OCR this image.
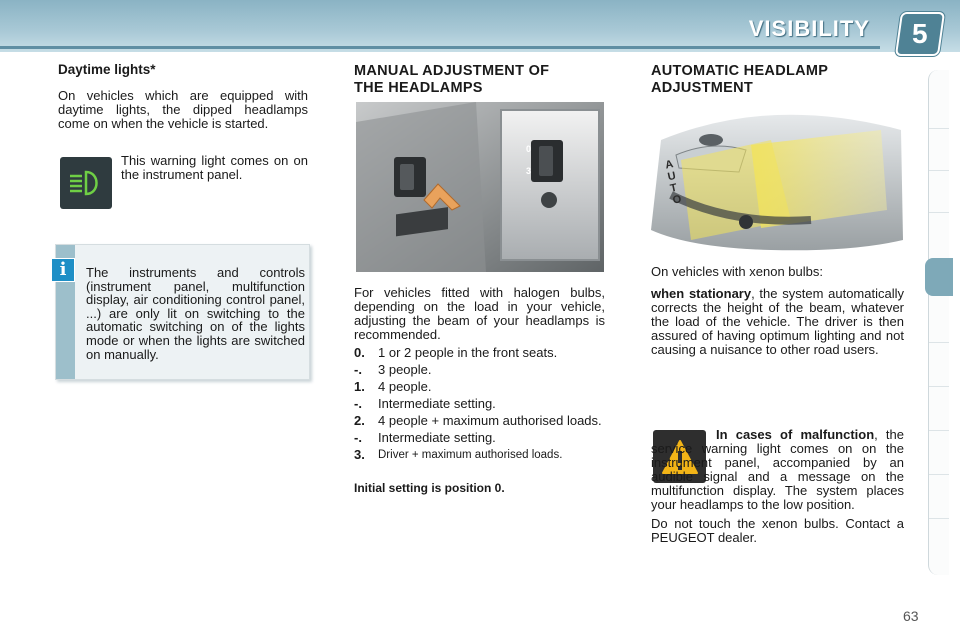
VISIBILITY 5
Daytime lights*

On vehicles which are equipped with daytime lights, the dipped headlamps come on when the vehicle is started.

This warning light comes on on the instrument panel.
The instruments and controls (instrument panel, multifunction display, air conditioning control panel, ...) are only lit on switching to the automatic switching on of the lights mode or when the lights are switched on manually.
i
MANUAL ADJUSTMENT OF
THE HEADLAMPS
0
3

For vehicles fitted with halogen bulbs, depending on the load in your vehicle, adjusting the beam of your headlamps is recommended.

0.	1 or 2 people in the front seats.
-.	3 people.
1.	4 people.
-.	Intermediate setting.
2.	4 people + maximum authorised loads.
-.	Intermediate setting.
3.	Driver + maximum authorised loads.

Initial setting is position 0.

AUTOMATIC HEADLAMP
ADJUSTMENT
AUTO

On vehicles with xenon bulbs:

when stationary, the system automatically corrects the height of the beam, whatever the load of the vehicle. The driver is then assured of having optimum lighting and not causing a nuisance to other road users.

In cases of malfunction, the service warning light comes on on the instrument panel, accompanied by an audible signal and a message on the multifunction display. The system places your headlamps to the low position.

Do not touch the xenon bulbs. Contact a PEUGEOT dealer.

63
